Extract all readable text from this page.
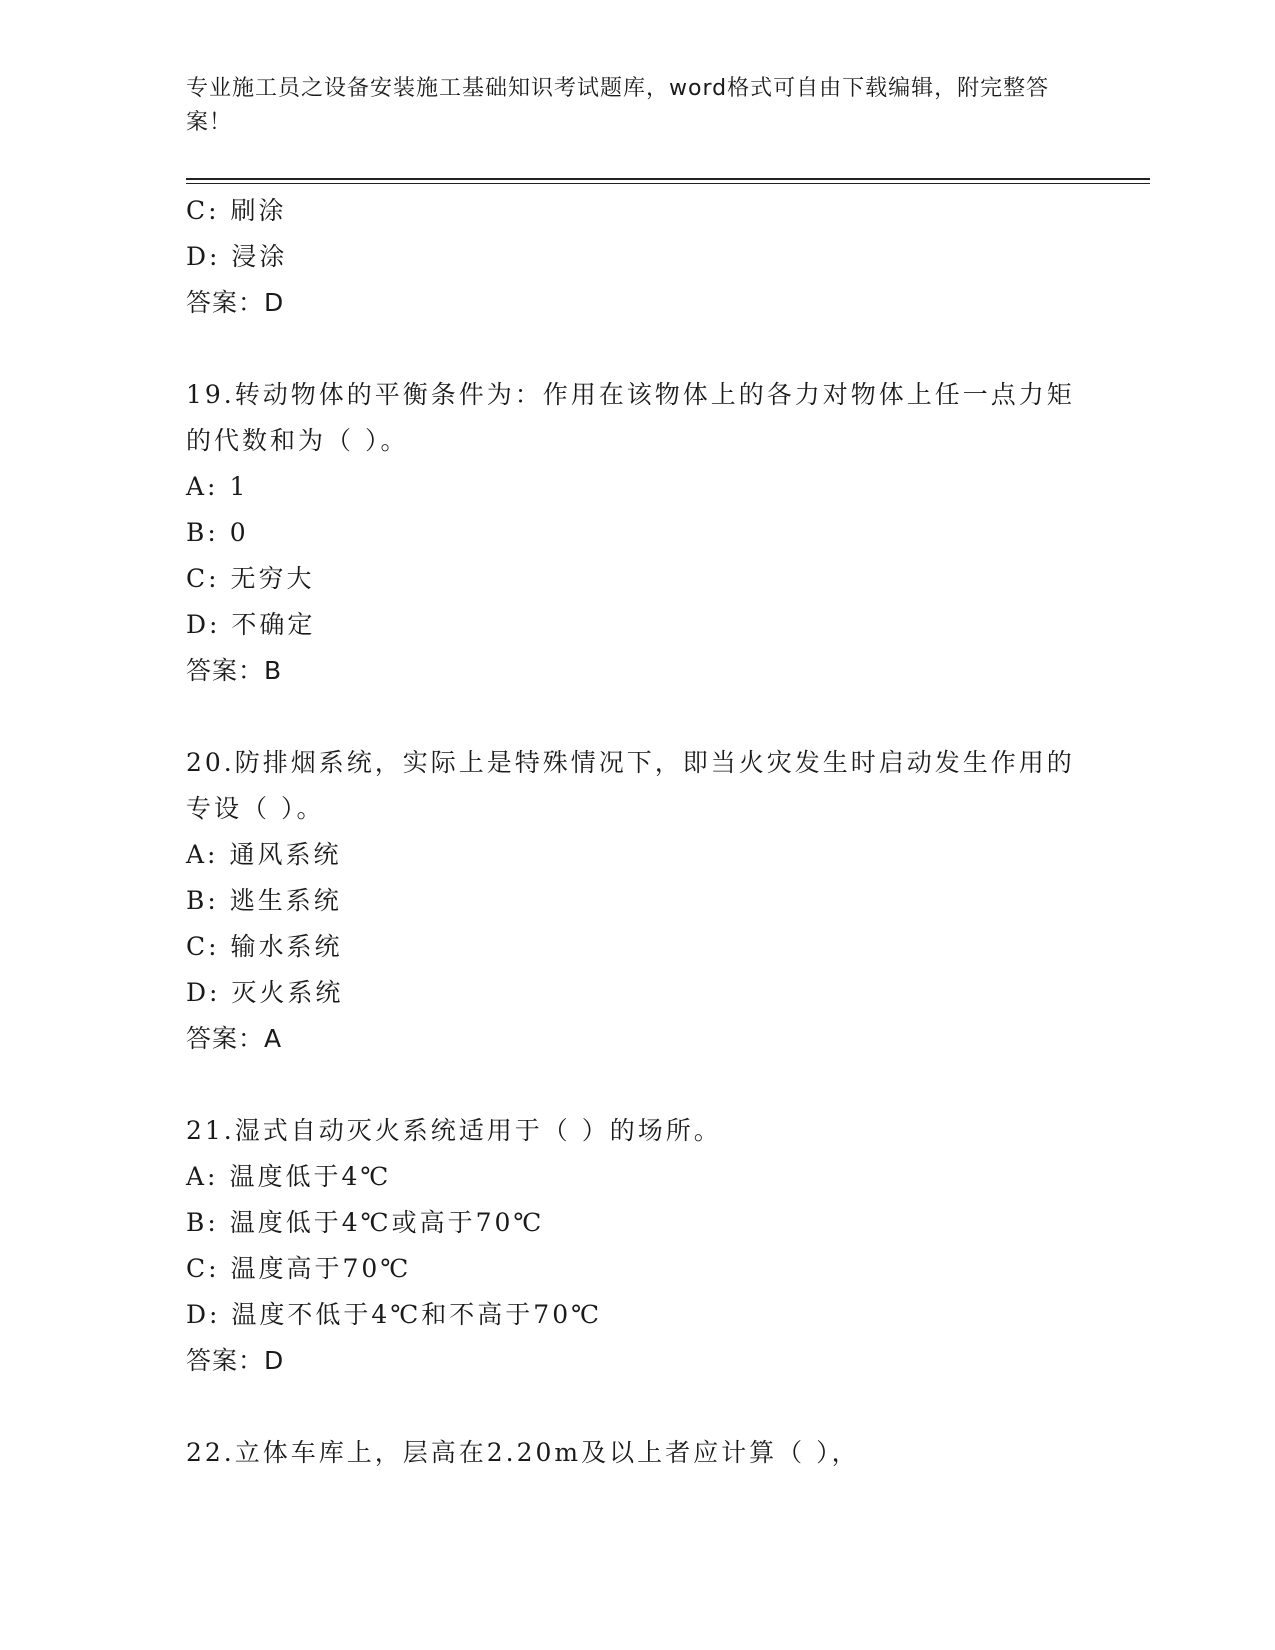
专业施工员之设备安装施工基础知识考试题库，word格式可自由下载编辑，附完整答案！
C: 刷涂
D: 浸涂
答案：D
19.转动物体的平衡条件为：作用在该物体上的各力对物体上任一点力矩的代数和为（ ）。
A: 1
B: 0
C: 无穷大
D: 不确定
答案：B
20.防排烟系统，实际上是特殊情况下，即当火灾发生时启动发生作用的专设（ ）。
A: 通风系统
B: 逃生系统
C: 输水系统
D: 灭火系统
答案：A
21.湿式自动灭火系统适用于（ ）的场所。
A: 温度低于4℃
B: 温度低于4℃或高于70℃
C: 温度高于70℃
D: 温度不低于4℃和不高于70℃
答案：D
22.立体车库上，层高在2.20m及以上者应计算（ ），
